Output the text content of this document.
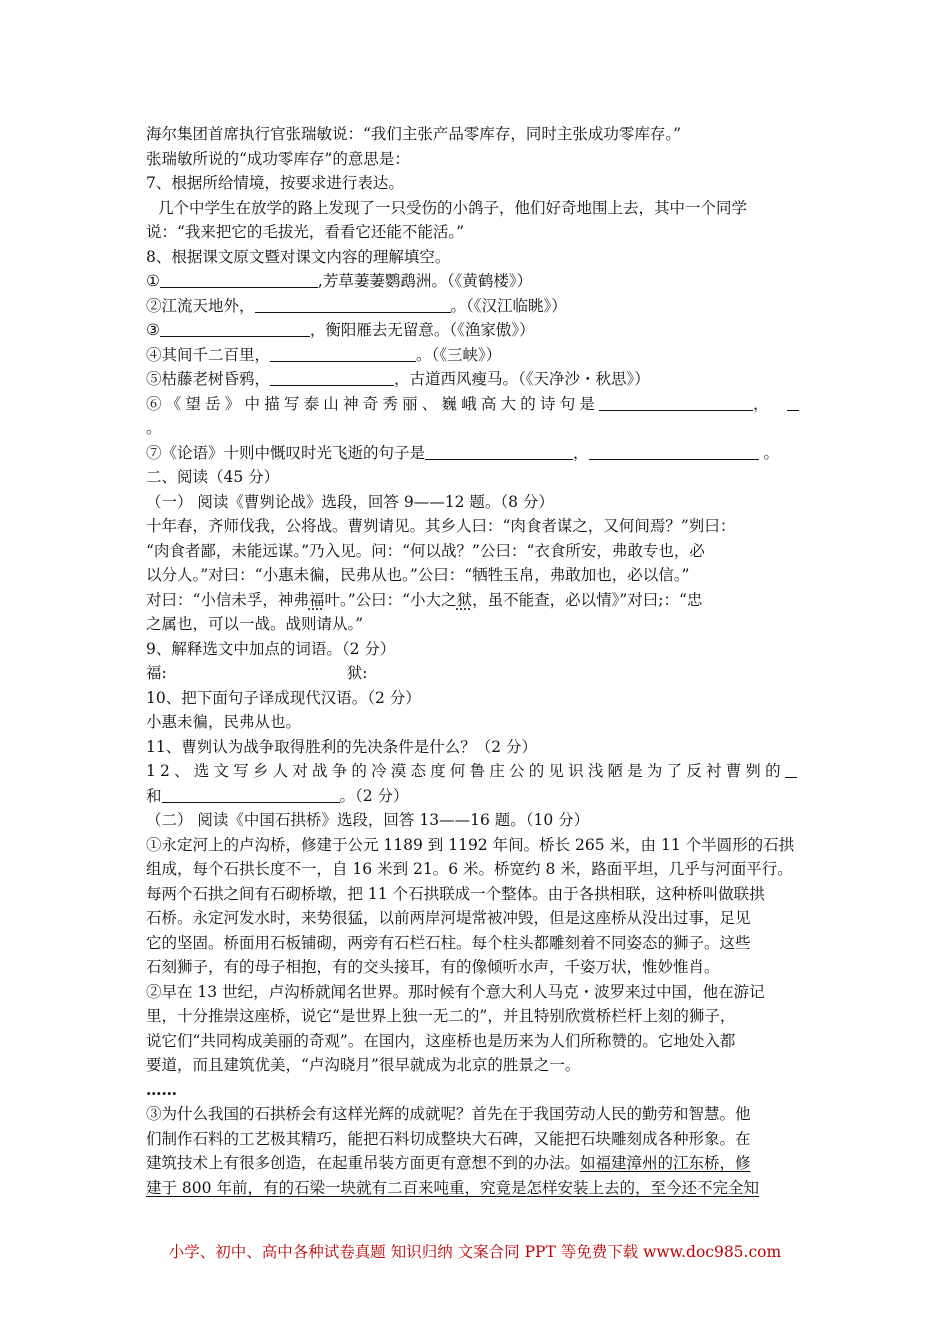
海尔集团首席执行官张瑞敏说：“我们主张产品零库存，同时主张成功零库存。”
张瑞敏所说的“成功零库存”的意思是：
7、根据所给情境，按要求进行表达。
几个中学生在放学的路上发现了一只受伤的小鸽子，他们好奇地围上去，其中一个同学
说：“我来把它的毛拔光，看看它还能不能活。”
8、根据课文原文暨对课文内容的理解填空。
①	,芳草萋萋鹦鹉洲。（《黄鹤楼》）
②江流天地外，	。（《汉江临眺》）
③	，衡阳雁去无留意。（《渔家傲》）
④其间千二百里，	。（《三峡》）
⑤枯藤老树昏鸦，	，古道西风瘦马。（《天净沙・秋思》）
⑥《望岳》中描写泰山神奇秀丽、巍峨高大的诗句是	，
。
⑦《论语》十则中慨叹时光飞逝的句子是	，	。
二、阅读（45 分）
（一） 阅读《曹刿论战》选段，回答 9——12 题。（8 分）
十年春，齐师伐我，公将战。曹刿请见。其乡人曰：“肉食者谋之，又何间焉？”刿曰：
“肉食者鄙，未能远谋。”乃入见。问：“何以战？”公曰：“衣食所安，弗敢专也，必
以分人。”对曰：“小惠未徧，民弗从也。”公曰：“牺牲玉帛，弗敢加也，必以信。”
对曰：“小信未孚，神弗福叶。”公曰：“小大之狱，虽不能查，必以情》”对曰;：“忠
之属也，可以一战。战则请从。”
9、解释选文中加点的词语。（2 分）
福:	狱:
10、把下面句子译成现代汉语。（2 分）
小惠未徧，民弗从也。
11、曹刿认为战争取得胜利的先决条件是什么？（2 分）
12、选文写乡人对战争的冷漠态度何鲁庄公的见识浅陋是为了反衬曹刿的
和	。（2 分）
（二） 阅读《中国石拱桥》选段，回答 13——16 题。（10 分）
①永定河上的卢沟桥，修建于公元 1189 到 1192 年间。桥长 265 米，由 11 个半圆形的石拱
组成，每个石拱长度不一，自 16 米到 21。6 米。桥宽约 8 米，路面平坦，几乎与河面平行。
每两个石拱之间有石砌桥墩，把 11 个石拱联成一个整体。由于各拱相联，这种桥叫做联拱
石桥。永定河发水时，来势很猛，以前两岸河堤常被冲毁，但是这座桥从没出过事，足见
它的坚固。桥面用石板铺砌，两旁有石栏石柱。每个柱头都雕刻着不同姿态的狮子。这些
石刻狮子，有的母子相抱，有的交头接耳，有的像倾听水声，千姿万状，惟妙惟肖。
②早在 13 世纪，卢沟桥就闻名世界。那时候有个意大利人马克・波罗来过中国，他在游记
里，十分推崇这座桥，说它“是世界上独一无二的”，并且特别欣赏桥栏杆上刻的狮子，
说它们“共同构成美丽的奇观”。在国内，这座桥也是历来为人们所称赞的。它地处入都
要道，而且建筑优美，“卢沟晓月”很早就成为北京的胜景之一。
……
③为什么我国的石拱桥会有这样光辉的成就呢？首先在于我国劳动人民的勤劳和智慧。他
们制作石料的工艺极其精巧，能把石料切成整块大石碑，又能把石块雕刻成各种形象。在
建筑技术上有很多创造，在起重吊装方面更有意想不到的办法。如福建漳州的江东桥，修
建于 800 年前，有的石梁一块就有二百来吨重，究竟是怎样安装上去的，至今还不完全知
小学、初中、高中各种试卷真题 知识归纳 文案合同 PPT 等免费下载 www.doc985.com
